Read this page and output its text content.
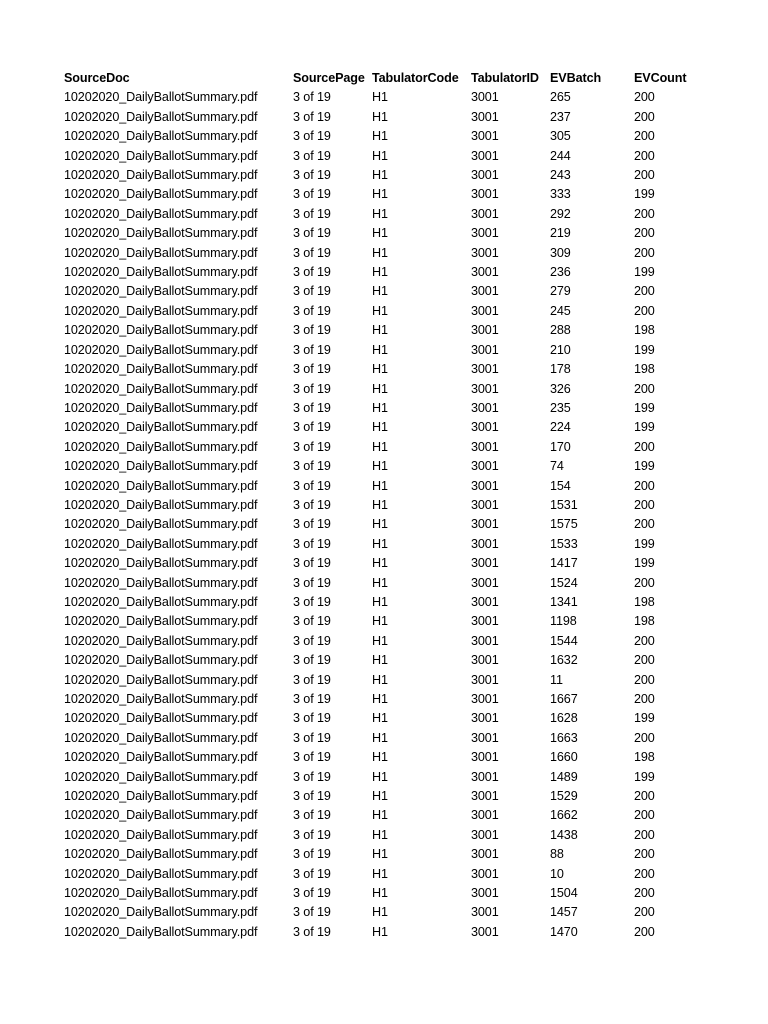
SourceDoc	SourcePage	TabulatorCode	TabulatorID	EVBatch	EVCount
10202020_DailyBallotSummary.pdf	3 of 19	H1	3001	265	200
10202020_DailyBallotSummary.pdf	3 of 19	H1	3001	237	200
10202020_DailyBallotSummary.pdf	3 of 19	H1	3001	305	200
10202020_DailyBallotSummary.pdf	3 of 19	H1	3001	244	200
10202020_DailyBallotSummary.pdf	3 of 19	H1	3001	243	200
10202020_DailyBallotSummary.pdf	3 of 19	H1	3001	333	199
10202020_DailyBallotSummary.pdf	3 of 19	H1	3001	292	200
10202020_DailyBallotSummary.pdf	3 of 19	H1	3001	219	200
10202020_DailyBallotSummary.pdf	3 of 19	H1	3001	309	200
10202020_DailyBallotSummary.pdf	3 of 19	H1	3001	236	199
10202020_DailyBallotSummary.pdf	3 of 19	H1	3001	279	200
10202020_DailyBallotSummary.pdf	3 of 19	H1	3001	245	200
10202020_DailyBallotSummary.pdf	3 of 19	H1	3001	288	198
10202020_DailyBallotSummary.pdf	3 of 19	H1	3001	210	199
10202020_DailyBallotSummary.pdf	3 of 19	H1	3001	178	198
10202020_DailyBallotSummary.pdf	3 of 19	H1	3001	326	200
10202020_DailyBallotSummary.pdf	3 of 19	H1	3001	235	199
10202020_DailyBallotSummary.pdf	3 of 19	H1	3001	224	199
10202020_DailyBallotSummary.pdf	3 of 19	H1	3001	170	200
10202020_DailyBallotSummary.pdf	3 of 19	H1	3001	74	199
10202020_DailyBallotSummary.pdf	3 of 19	H1	3001	154	200
10202020_DailyBallotSummary.pdf	3 of 19	H1	3001	1531	200
10202020_DailyBallotSummary.pdf	3 of 19	H1	3001	1575	200
10202020_DailyBallotSummary.pdf	3 of 19	H1	3001	1533	199
10202020_DailyBallotSummary.pdf	3 of 19	H1	3001	1417	199
10202020_DailyBallotSummary.pdf	3 of 19	H1	3001	1524	200
10202020_DailyBallotSummary.pdf	3 of 19	H1	3001	1341	198
10202020_DailyBallotSummary.pdf	3 of 19	H1	3001	1198	198
10202020_DailyBallotSummary.pdf	3 of 19	H1	3001	1544	200
10202020_DailyBallotSummary.pdf	3 of 19	H1	3001	1632	200
10202020_DailyBallotSummary.pdf	3 of 19	H1	3001	11	200
10202020_DailyBallotSummary.pdf	3 of 19	H1	3001	1667	200
10202020_DailyBallotSummary.pdf	3 of 19	H1	3001	1628	199
10202020_DailyBallotSummary.pdf	3 of 19	H1	3001	1663	200
10202020_DailyBallotSummary.pdf	3 of 19	H1	3001	1660	198
10202020_DailyBallotSummary.pdf	3 of 19	H1	3001	1489	199
10202020_DailyBallotSummary.pdf	3 of 19	H1	3001	1529	200
10202020_DailyBallotSummary.pdf	3 of 19	H1	3001	1662	200
10202020_DailyBallotSummary.pdf	3 of 19	H1	3001	1438	200
10202020_DailyBallotSummary.pdf	3 of 19	H1	3001	88	200
10202020_DailyBallotSummary.pdf	3 of 19	H1	3001	10	200
10202020_DailyBallotSummary.pdf	3 of 19	H1	3001	1504	200
10202020_DailyBallotSummary.pdf	3 of 19	H1	3001	1457	200
10202020_DailyBallotSummary.pdf	3 of 19	H1	3001	1470	200
